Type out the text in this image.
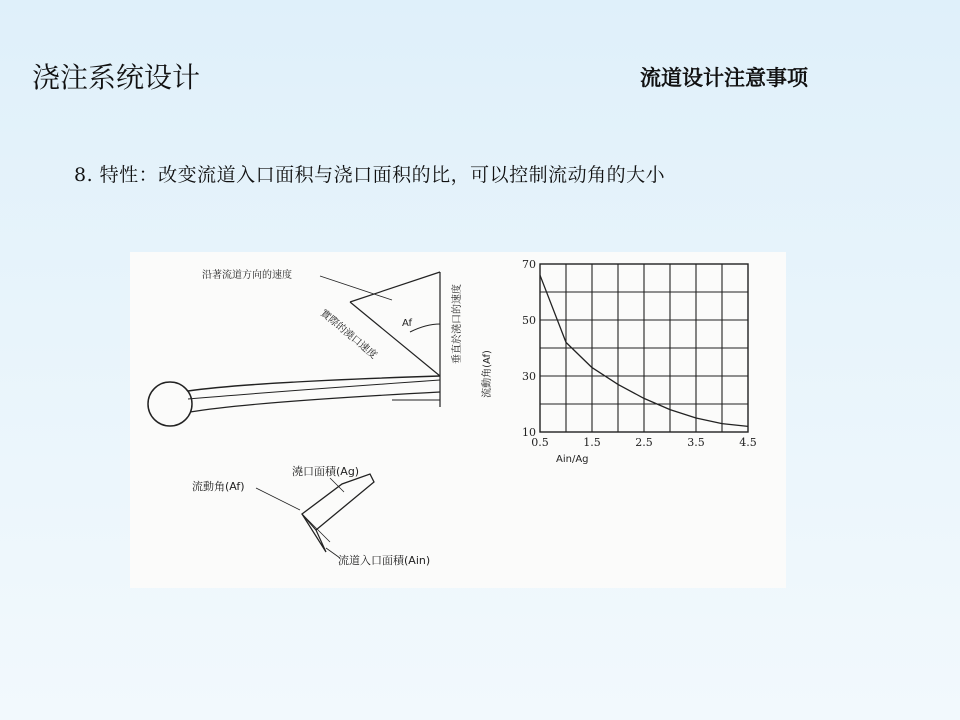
浇注系统设计	流道设计注意事项

8. 特性：改变流道入口面积与浇口面积的比，可以控制流动角的大小

Af
沿著流道方向的速度
實際的澆口速度	垂直於澆口的速度
流動角(Af)
澆口面積(Ag)
流道入口面積(Ain)
0.5	1.5	2.5	3.5	4.5
10
30
50
70
流動角(Af)
Ain/Ag
